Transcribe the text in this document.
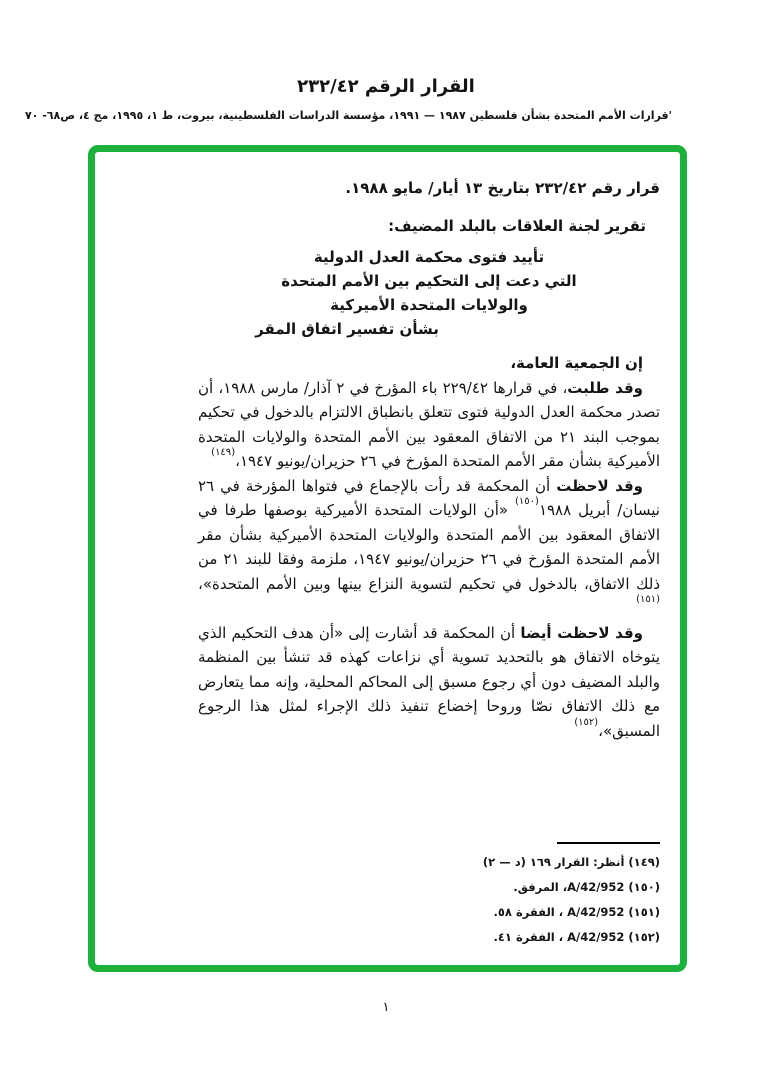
القرار الرقم ٢٣٢/٤٢
'قرارات الأمم المتحدة بشأن فلسطين ١٩٨٧ — ١٩٩١، مؤسسة الدراسات الفلسطينية، بيروت، ط ١، ١٩٩٥، مج ٤، ص٦٨- ٧٠
قرار رقم ٢٣٢/٤٢ بتاريخ ١٣ أيار/ مايو ١٩٨٨.
تقرير لجنة العلاقات بالبلد المضيف:
تأييد فتوى محكمة العدل الدولية
التي دعت إلى التحكيم بين الأمم المتحدة
والولايات المتحدة الأميركية
بشأن تفسير اتفاق المقر

إن الجمعية العامة،

وقد طلبت، في قرارها ٢٢٩/٤٢ باء المؤرخ في ٢ آذار/ مارس ١٩٨٨، أن تصدر محكمة العدل الدولية فتوى تتعلق بانطباق الالتزام بالدخول في تحكيم بموجب البند ٢١ من الاتفاق المعقود بين الأمم المتحدة والولايات المتحدة الأميركية بشأن مقر الأمم المتحدة المؤرخ في ٢٦ حزيران/يونيو ١٩٤٧،$^{(١٤٩)}$

وقد لاحظت أن المحكمة قد رأت بالإجماع في فتواها المؤرخة في ٢٦ نيسان/ أبريل ١٩٨٨$^{(١٥٠)}$ «أن الولايات المتحدة الأميركية بوصفها طرفا في الاتفاق المعقود بين الأمم المتحدة والولايات المتحدة الأميركية بشأن مقر الأمم المتحدة المؤرخ في ٢٦ حزيران/يونيو ١٩٤٧، ملزمة وفقا للبند ٢١ من ذلك الاتفاق، بالدخول في تحكيم لتسوية النزاع بينها وبين الأمم المتحدة»،$^{(١٥١)}$

وقد لاحظت أيضا أن المحكمة قد أشارت إلى «أن هدف التحكيم الذي يتوخاه الاتفاق هو بالتحديد تسوية أي نزاعات كهذه قد تنشأ بين المنظمة والبلد المضيف دون أي رجوع مسبق إلى المحاكم المحلية، وإنه مما يتعارض مع ذلك الاتفاق نصّا وروحا إخضاع تنفيذ ذلك الإجراء لمثل هذا الرجوع المسبق»،$^{(١٥٢)}$

(١٤٩)أنظر: القرار ١٦٩ (د — ٢)
(١٥٠)A/42/952، المرفق.
(١٥١)A/42/952 ، الفقرة ٥٨.
(١٥٢)A/42/952 ، الفقرة ٤١.
١
